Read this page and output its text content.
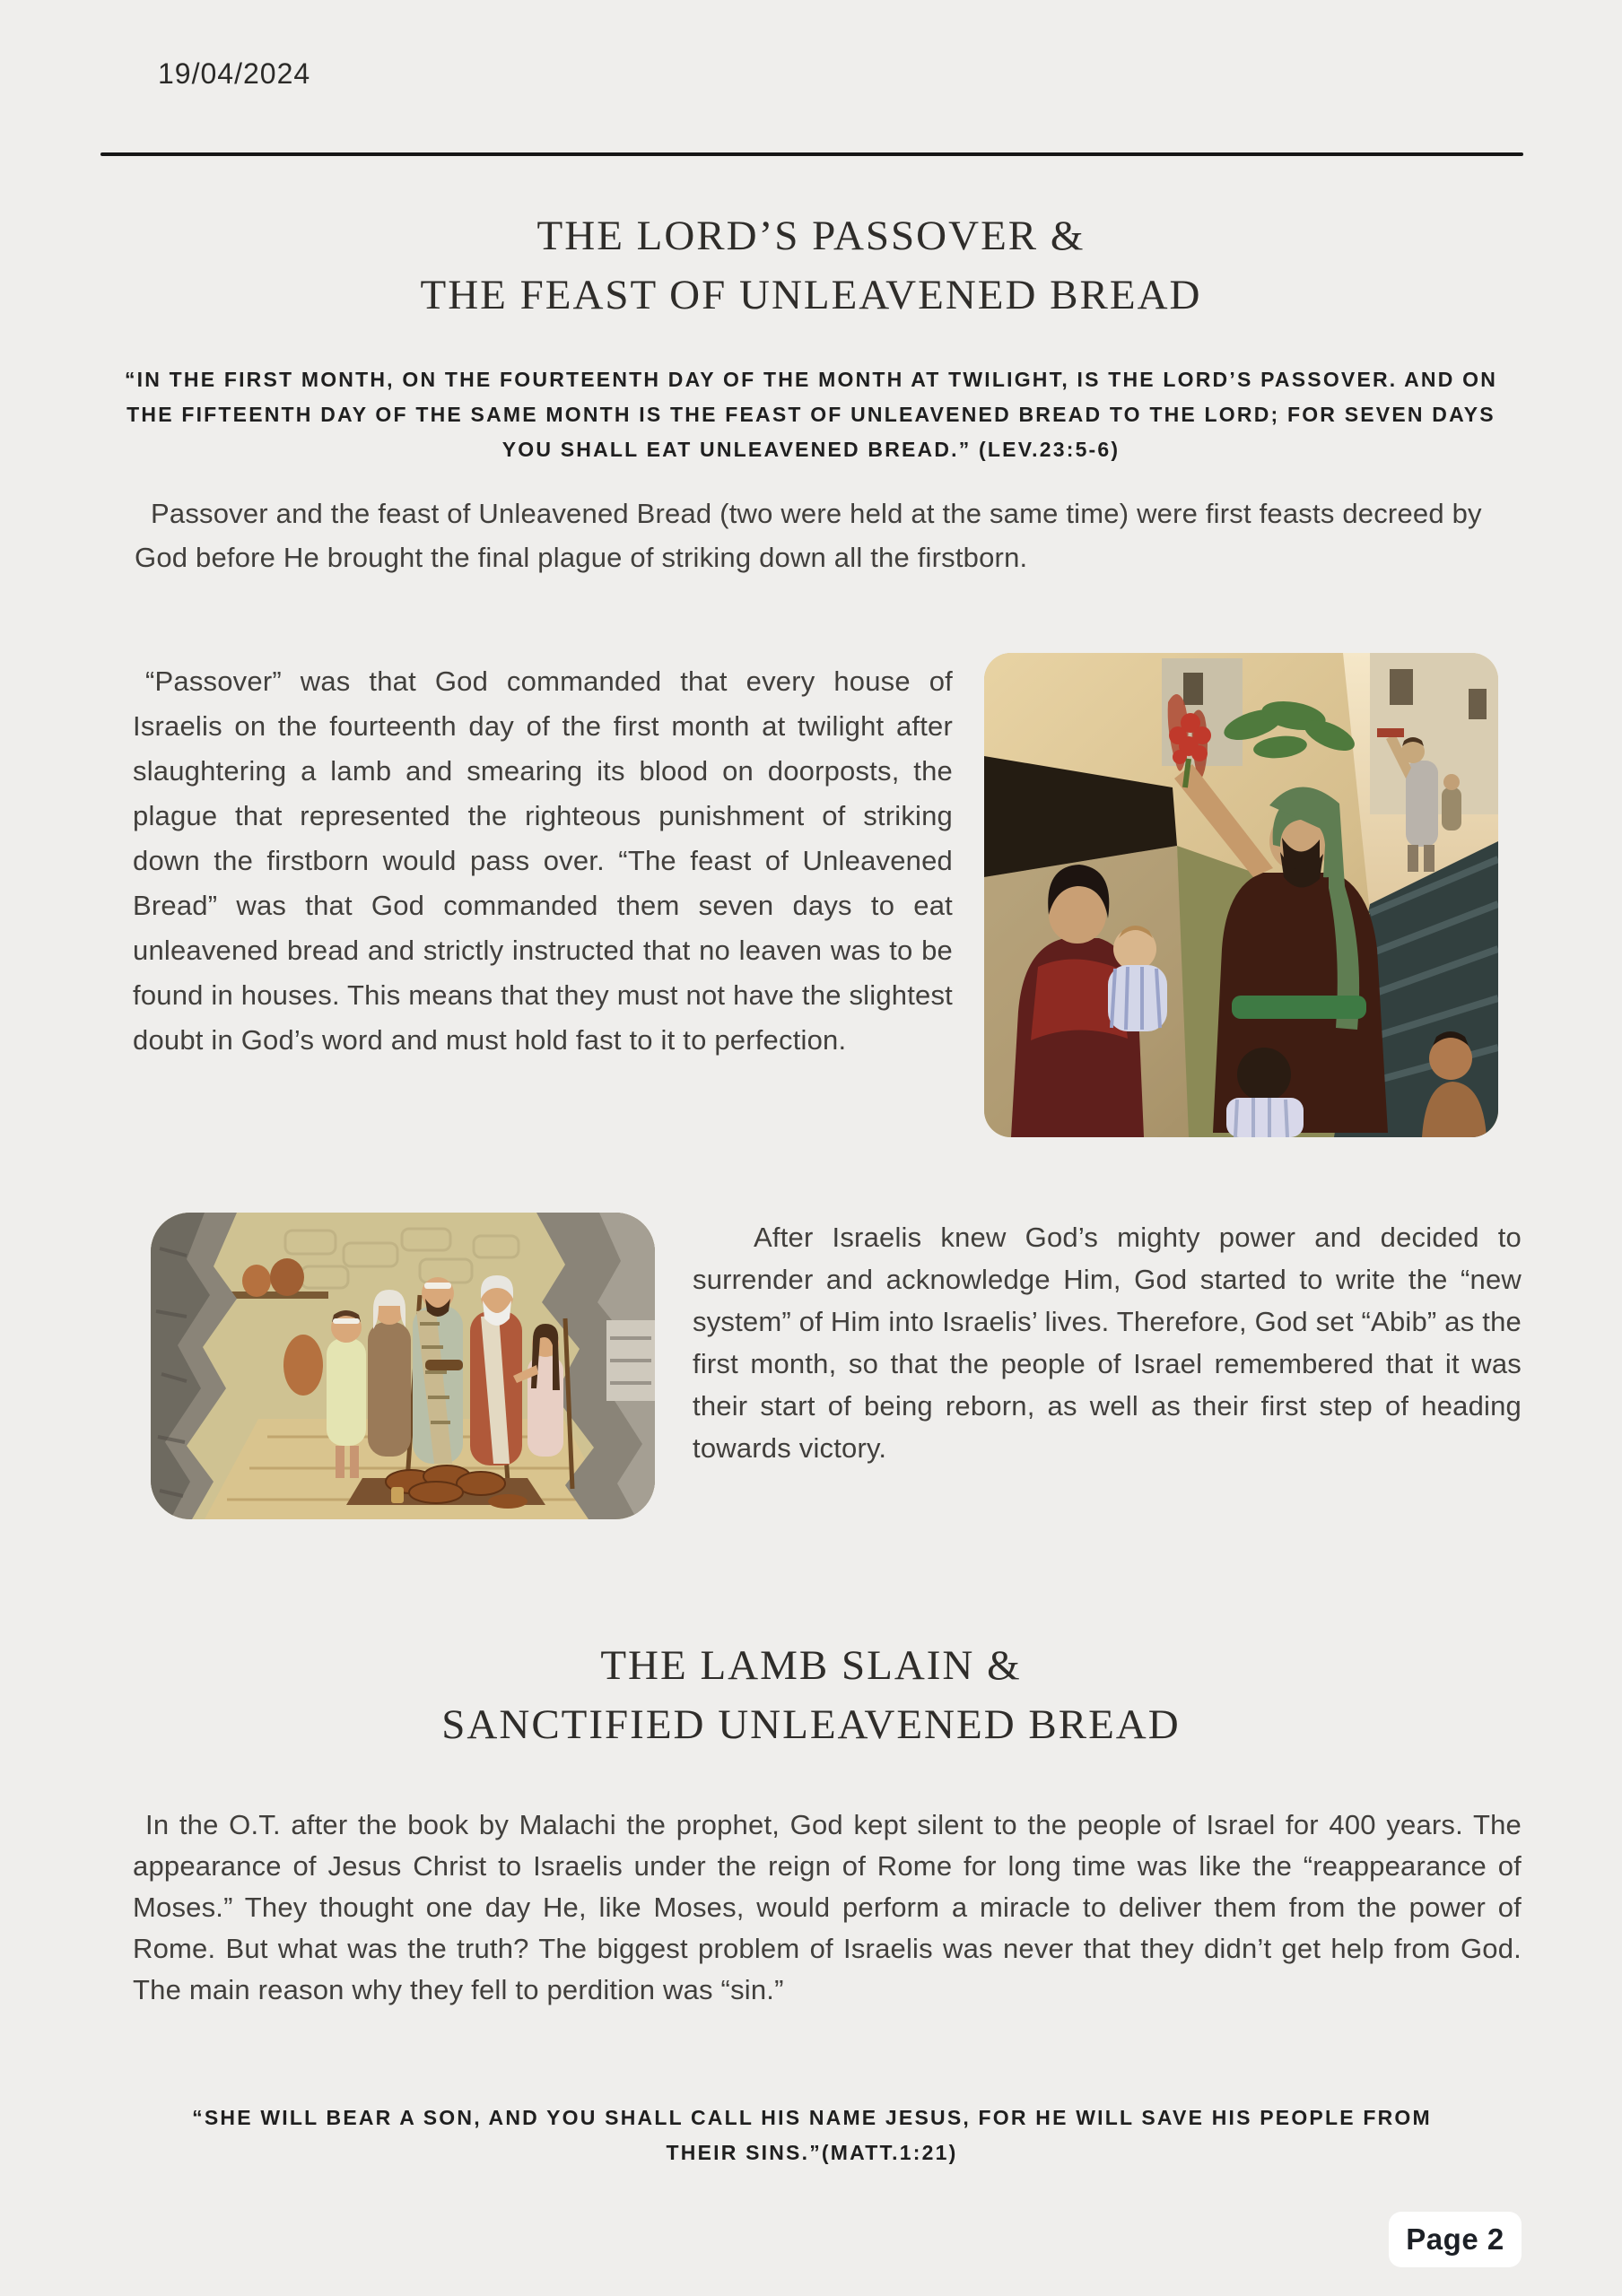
19/04/2024
THE LORD’S PASSOVER &
THE FEAST OF UNLEAVENED BREAD
“IN THE FIRST MONTH, ON THE FOURTEENTH DAY OF THE MONTH AT TWILIGHT, IS THE LORD’S PASSOVER. AND ON THE FIFTEENTH DAY OF THE SAME MONTH IS THE FEAST OF UNLEAVENED BREAD TO THE LORD; FOR SEVEN DAYS YOU SHALL EAT UNLEAVENED BREAD.” (LEV.23:5-6)

Passover and the feast of Unleavened Bread (two were held at the same time) were first feasts decreed by God before He brought the final plague of striking down all the firstborn.

“Passover” was that God commanded that every house of Israelis on the fourteenth day of the first month at twilight after slaughtering a lamb and smearing its blood on doorposts, the plague that represented the righteous punishment of striking down the firstborn would pass over. “The feast of Unleavened Bread” was that God commanded them seven days to eat unleavened bread and strictly instructed that no leaven was to be found in houses. This means that they must not have the slightest doubt in God’s word and must hold fast to it to perfection.

After Israelis knew God’s mighty power and decided to surrender and acknowledge Him, God started to write the “new system” of Him into Israelis’ lives. Therefore, God set “Abib” as the first month, so that the people of Israel remembered that it was their start of being reborn, as well as their first step of heading towards victory.

THE LAMB SLAIN &
SANCTIFIED UNLEAVENED BREAD

In the O.T. after the book by Malachi the prophet, God kept silent to the people of Israel for 400 years. The appearance of Jesus Christ to Israelis under the reign of Rome for long time was like the “reappearance of Moses.” They thought one day He, like Moses, would perform a miracle to deliver them from the power of Rome. But what was the truth? The biggest problem of Israelis was never that they didn’t get help from God. The main reason why they fell to perdition was “sin.”

“SHE WILL BEAR A SON, AND YOU SHALL CALL HIS NAME JESUS, FOR HE WILL SAVE HIS PEOPLE FROM THEIR SINS.”(MATT.1:21)
Page 2
